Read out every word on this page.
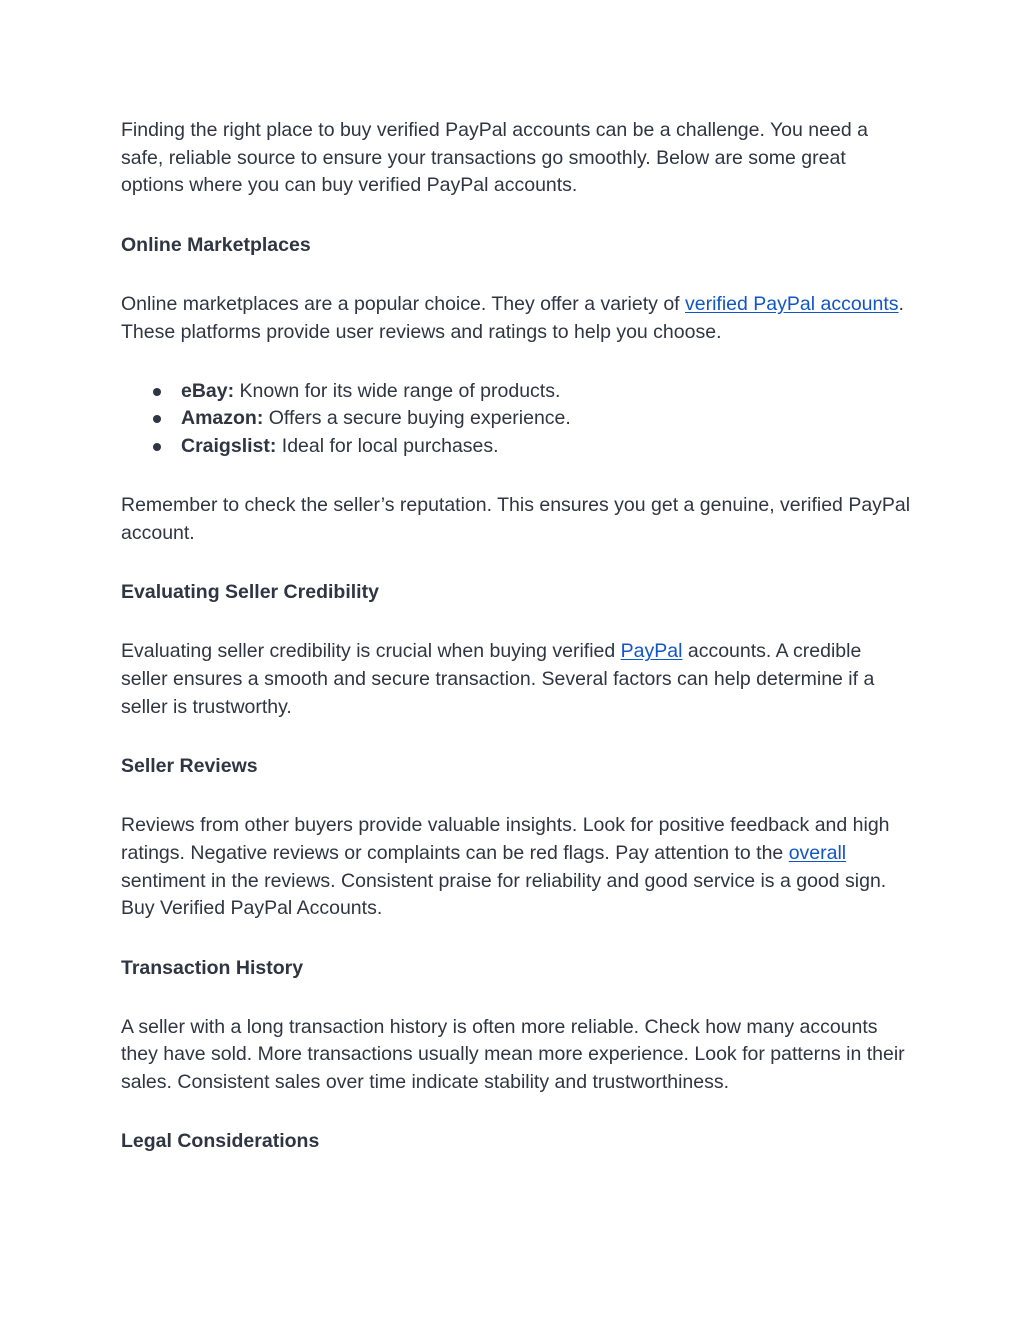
Finding the right place to buy verified PayPal accounts can be a challenge. You need a safe, reliable source to ensure your transactions go smoothly. Below are some great options where you can buy verified PayPal accounts.

Online Marketplaces

Online marketplaces are a popular choice. They offer a variety of verified PayPal accounts. These platforms provide user reviews and ratings to help you choose.

eBay: Known for its wide range of products.
Amazon: Offers a secure buying experience.
Craigslist: Ideal for local purchases.

Remember to check the seller’s reputation. This ensures you get a genuine, verified PayPal account.

Evaluating Seller Credibility

Evaluating seller credibility is crucial when buying verified PayPal accounts. A credible seller ensures a smooth and secure transaction. Several factors can help determine if a seller is trustworthy.

Seller Reviews

Reviews from other buyers provide valuable insights. Look for positive feedback and high ratings. Negative reviews or complaints can be red flags. Pay attention to the overall sentiment in the reviews. Consistent praise for reliability and good service is a good sign. Buy Verified PayPal Accounts.

Transaction History

A seller with a long transaction history is often more reliable. Check how many accounts they have sold. More transactions usually mean more experience. Look for patterns in their sales. Consistent sales over time indicate stability and trustworthiness.

Legal Considerations
